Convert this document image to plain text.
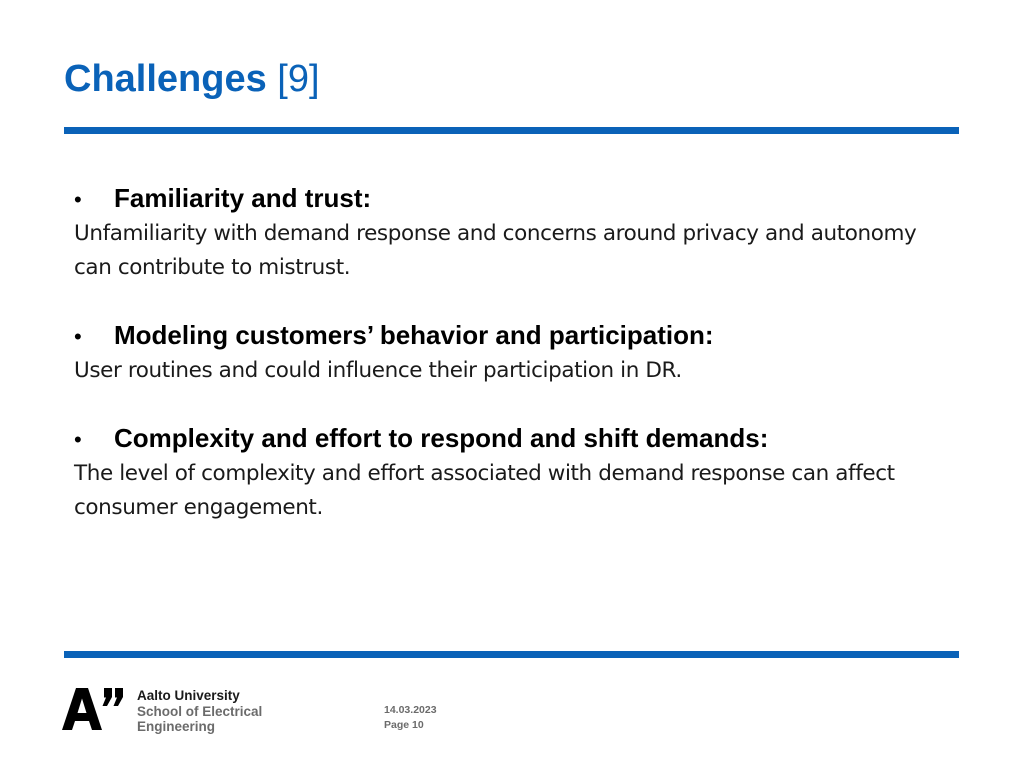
Challenges [9]
•	Familiarity and trust:
Unfamiliarity with demand response and concerns around privacy and autonomy can contribute to mistrust.
•	Modeling customers’ behavior and participation:
User routines and could influence their participation in DR.
•	Complexity and effort to respond and shift demands:
The level of complexity and effort associated with demand response can affect consumer engagement.
Aalto University
School of Electrical
Engineering
14.03.2023
Page 10
